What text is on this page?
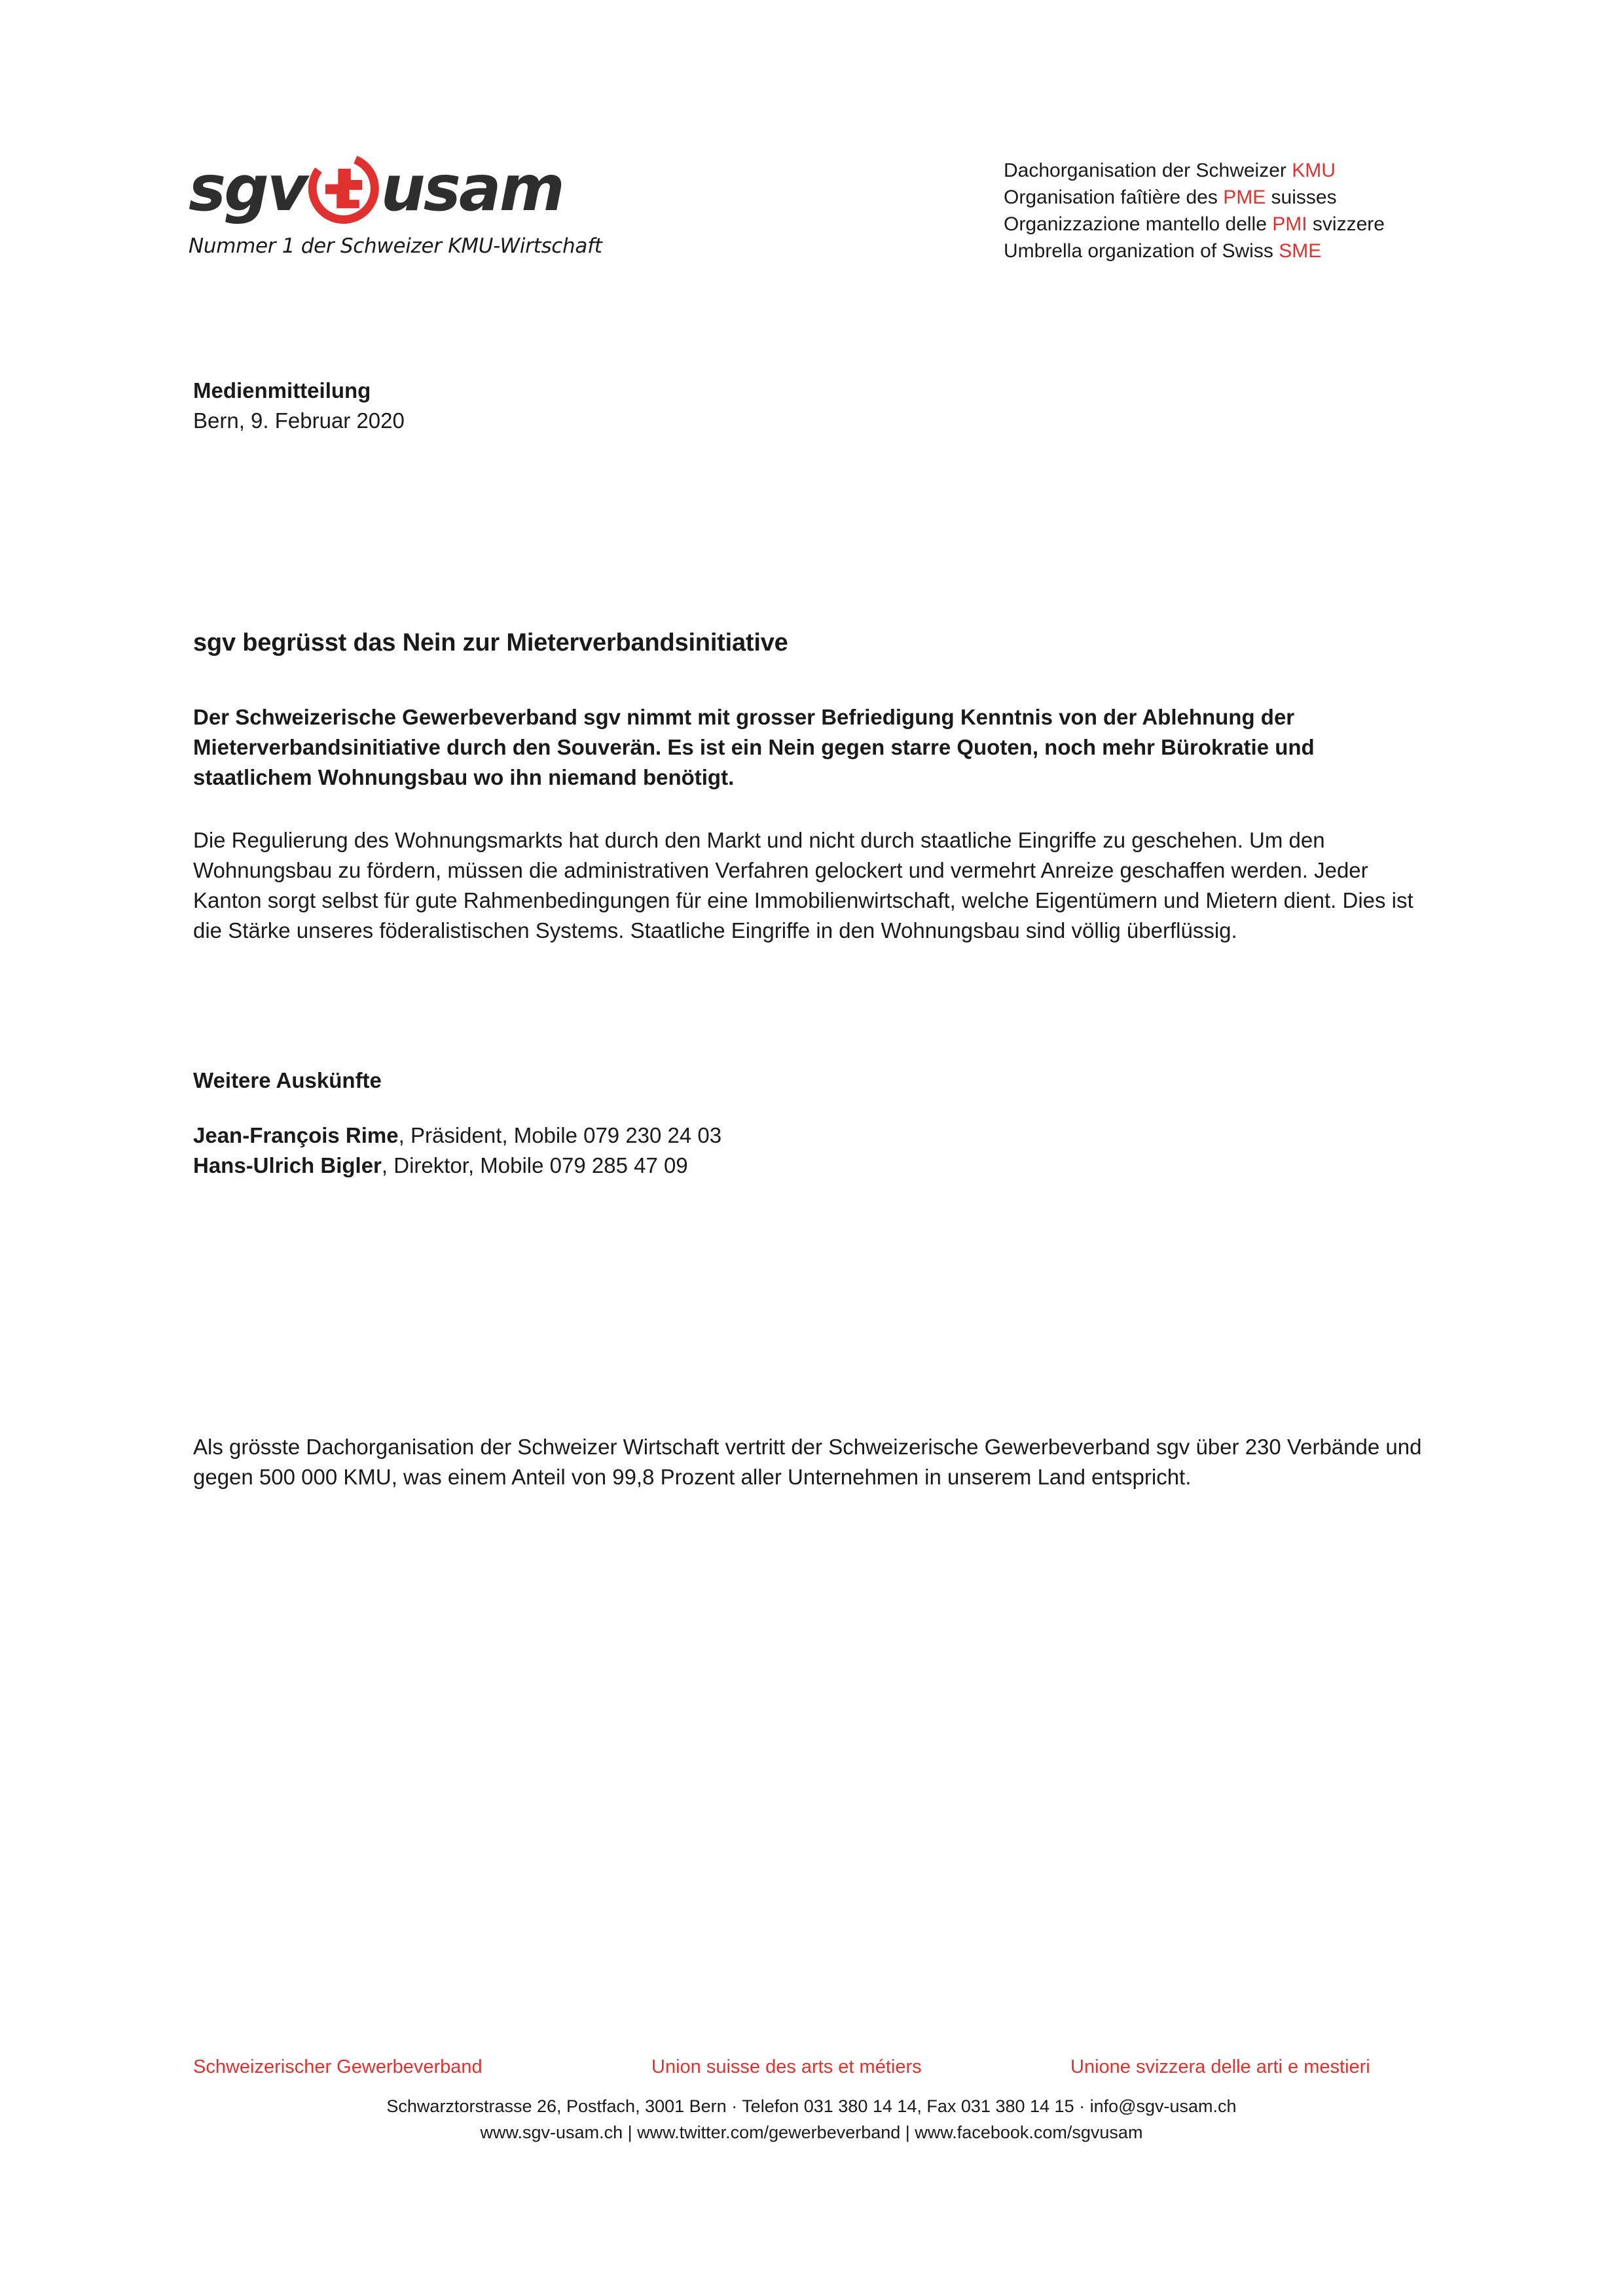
sgv usam
Nummer 1 der Schweizer KMU-Wirtschaft
Dachorganisation der Schweizer KMU
Organisation faîtière des PME suisses
Organizzazione mantello delle PMI svizzere
Umbrella organization of Swiss SME
Medienmitteilung
Bern, 9. Februar 2020
sgv begrüsst das Nein zur Mieterverbandsinitiative

Der Schweizerische Gewerbeverband sgv nimmt mit grosser Befriedigung Kenntnis von der Ablehnung der Mieterverbandsinitiative durch den Souverän. Es ist ein Nein gegen starre Quoten, noch mehr Bürokratie und staatlichem Wohnungsbau wo ihn niemand benötigt.

Die Regulierung des Wohnungsmarkts hat durch den Markt und nicht durch staatliche Eingriffe zu geschehen. Um den Wohnungsbau zu fördern, müssen die administrativen Verfahren gelockert und vermehrt Anreize geschaffen werden. Jeder Kanton sorgt selbst für gute Rahmenbedingungen für eine Immobilienwirtschaft, welche Eigentümern und Mietern dient. Dies ist die Stärke unseres föderalistischen Systems. Staatliche Eingriffe in den Wohnungsbau sind völlig überflüssig.

Weitere Auskünfte
Jean-François Rime, Präsident, Mobile 079 230 24 03
Hans-Ulrich Bigler, Direktor, Mobile 079 285 47 09

Als grösste Dachorganisation der Schweizer Wirtschaft vertritt der Schweizerische Gewerbeverband sgv über 230 Verbände und gegen 500 000 KMU, was einem Anteil von 99,8 Prozent aller Unternehmen in unserem Land entspricht.

Schweizerischer Gewerbeverband	Union suisse des arts et métiers	Unione svizzera delle arti e mestieri
Schwarztorstrasse 26, Postfach, 3001 Bern · Telefon 031 380 14 14, Fax 031 380 14 15 · info@sgv-usam.ch
www.sgv-usam.ch | www.twitter.com/gewerbeverband | www.facebook.com/sgvusam
